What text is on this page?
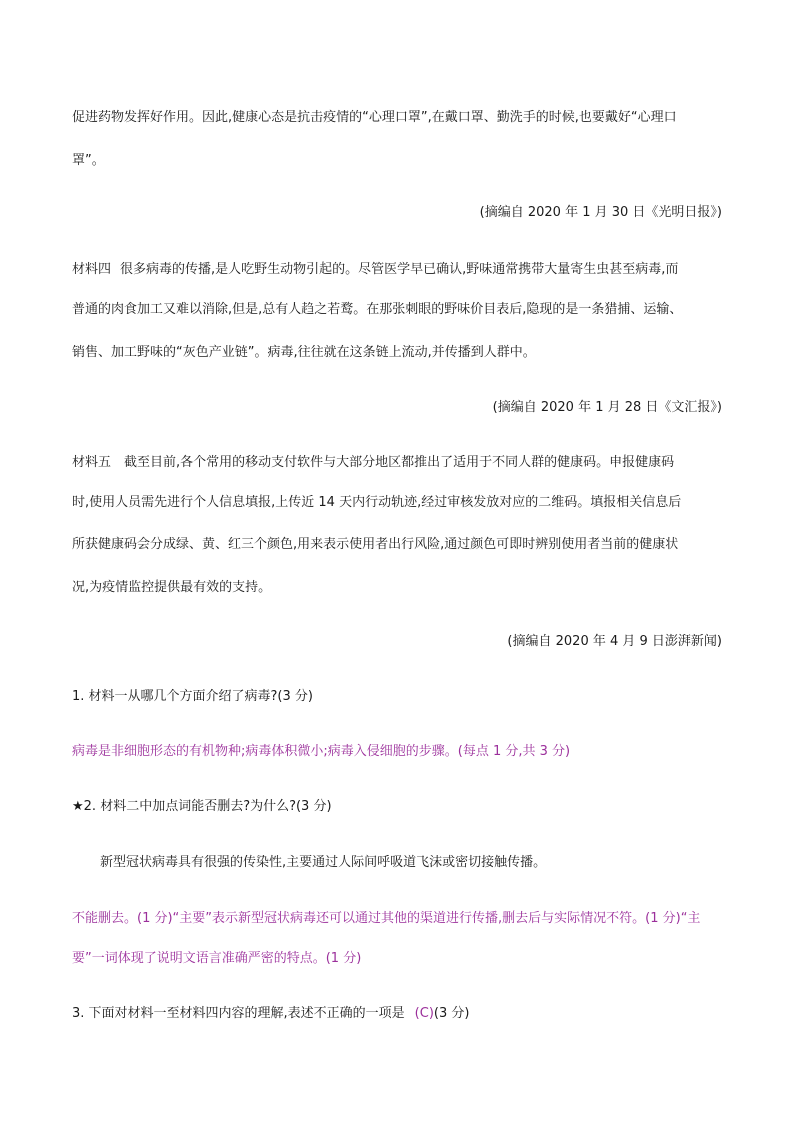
促进药物发挥好作用。因此,健康心态是抗击疫情的“心理口罩”,在戴口罩、勤洗手的时候,也要戴好“心理口
罩”。
(摘编自 2020 年 1 月 30 日《光明日报》)
材料四 很多病毒的传播,是人吃野生动物引起的。尽管医学早已确认,野味通常携带大量寄生虫甚至病毒,而
普通的肉食加工又难以消除,但是,总有人趋之若鹜。在那张刺眼的野味价目表后,隐现的是一条猎捕、运输、
销售、加工野味的“灰色产业链”。病毒,往往就在这条链上流动,并传播到人群中。
(摘编自 2020 年 1 月 28 日《文汇报》)
材料五 截至目前,各个常用的移动支付软件与大部分地区都推出了适用于不同人群的健康码。申报健康码
时,使用人员需先进行个人信息填报,上传近 14 天内行动轨迹,经过审核发放对应的二维码。填报相关信息后
所获健康码会分成绿、黄、红三个颜色,用来表示使用者出行风险,通过颜色可即时辨别使用者当前的健康状
况,为疫情监控提供最有效的支持。
(摘编自 2020 年 4 月 9 日澎湃新闻)
1. 材料一从哪几个方面介绍了病毒?(3 分)
病毒是非细胞形态的有机物种;病毒体积微小;病毒入侵细胞的步骤。(每点 1 分,共 3 分)
★2. 材料二中加点词能否删去?为什么?(3 分)
新型冠状病毒具有很强的传染性,主要通过人际间呼吸道飞沫或密切接触传播。
不能删去。(1 分)“主要”表示新型冠状病毒还可以通过其他的渠道进行传播,删去后与实际情况不符。(1 分)“主
要”一词体现了说明文语言准确严密的特点。(1 分)
3. 下面对材料一至材料四内容的理解,表述不正确的一项是 (C)(3 分)
